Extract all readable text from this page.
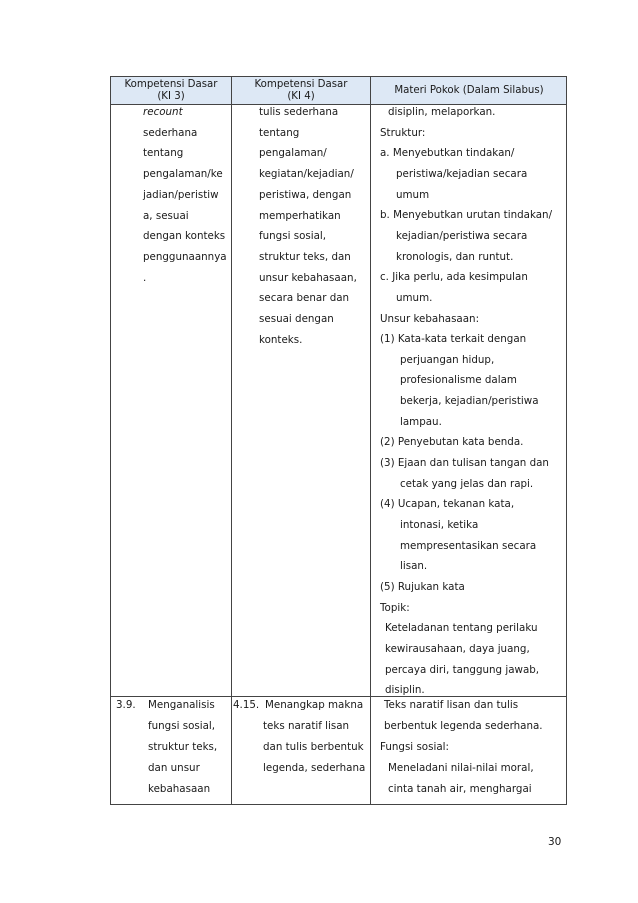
Kompetensi Dasar
(KI 3)
Kompetensi Dasar
(KI 4)
Materi Pokok (Dalam Silabus)
recount
sederhana
tentang
pengalaman/ke
jadian/peristiw
a, sesuai
dengan konteks
penggunaannya
.
tulis sederhana
tentang
pengalaman/
kegiatan/kejadian/
peristiwa, dengan
memperhatikan
fungsi sosial,
struktur teks, dan
unsur kebahasaan,
secara benar dan
sesuai dengan
konteks.
disiplin, melaporkan.
Struktur:
a. Menyebutkan tindakan/
peristiwa/kejadian secara
umum
b. Menyebutkan urutan tindakan/
kejadian/peristiwa secara
kronologis, dan runtut.
c. Jika perlu, ada kesimpulan
umum.
Unsur kebahasaan:
(1) Kata-kata terkait dengan
perjuangan hidup,
profesionalisme dalam
bekerja, kejadian/peristiwa
lampau.
(2) Penyebutan kata benda.
(3) Ejaan dan tulisan tangan dan
cetak yang jelas dan rapi.
(4) Ucapan, tekanan kata,
intonasi, ketika
mempresentasikan secara
lisan.
(5) Rujukan kata
Topik:
Keteladanan tentang perilaku
kewirausahaan, daya juang,
percaya diri, tanggung jawab,
disiplin.
3.9. Menganalisis
fungsi sosial,
struktur teks,
dan unsur
kebahasaan
4.15. Menangkap makna
teks naratif lisan
dan tulis berbentuk
legenda, sederhana
Teks naratif lisan dan tulis
berbentuk legenda sederhana.
Fungsi sosial:
Meneladani nilai-nilai moral,
cinta tanah air, menghargai
30
